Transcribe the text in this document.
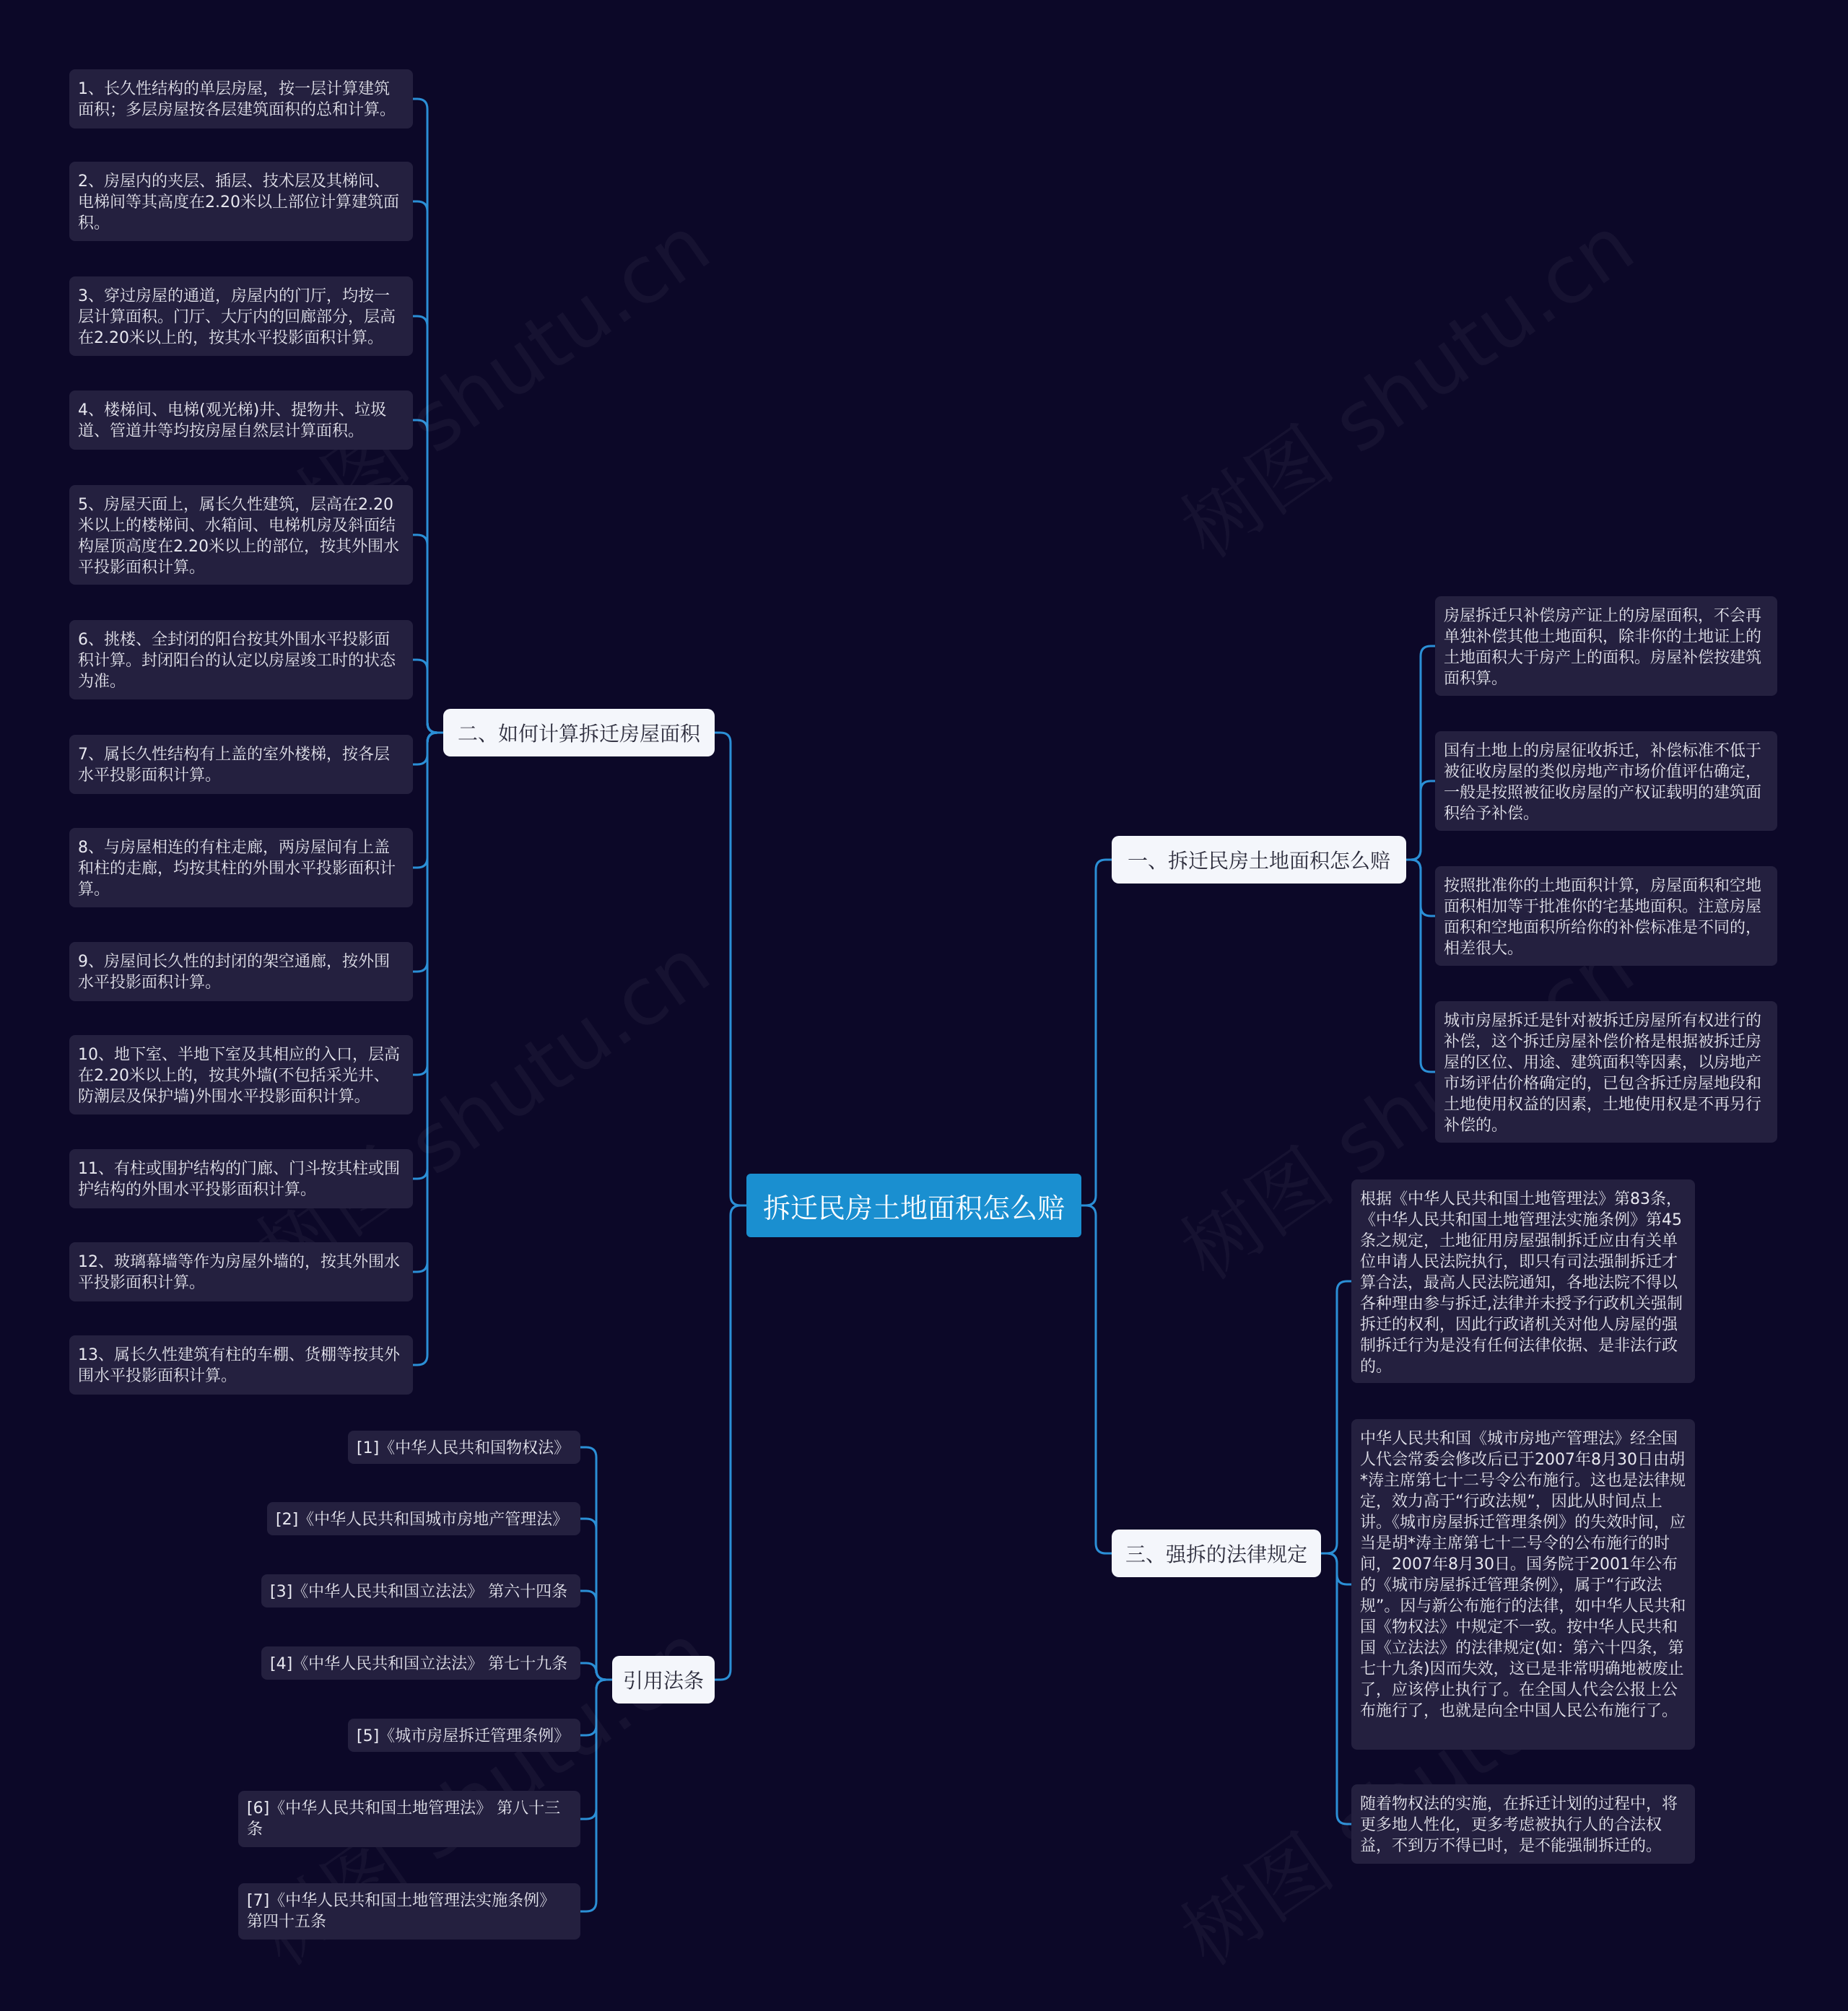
拆迁民房土地面积怎么赔
一、拆迁民房土地面积怎么赔
二、如何计算拆迁房屋面积
三、强拆的法律规定
引用法条
房屋拆迁只补偿房产证上的房屋面积，不会再单独补偿其他土地面积，除非你的土地证上的土地面积大于房产上的面积。房屋补偿按建筑面积算。
国有土地上的房屋征收拆迁，补偿标准不低于被征收房屋的类似房地产市场价值评估确定，一般是按照被征收房屋的产权证载明的建筑面积给予补偿。
按照批准你的土地面积计算，房屋面积和空地面积相加等于批准你的宅基地面积。注意房屋面积和空地面积所给你的补偿标准是不同的，相差很大。
城市房屋拆迁是针对被拆迁房屋所有权进行的补偿，这个拆迁房屋补偿价格是根据被拆迁房屋的区位、用途、建筑面积等因素，以房地产市场评估价格确定的，已包含拆迁房屋地段和土地使用权益的因素，土地使用权是不再另行补偿的。
1、长久性结构的单层房屋，按一层计算建筑面积；多层房屋按各层建筑面积的总和计算。
2、房屋内的夹层、插层、技术层及其梯间、电梯间等其高度在2.20米以上部位计算建筑面积。
3、穿过房屋的通道，房屋内的门厅，均按一层计算面积。门厅、大厅内的回廊部分，层高在2.20米以上的，按其水平投影面积计算。
4、楼梯间、电梯(观光梯)井、提物井、垃圾道、管道井等均按房屋自然层计算面积。
5、房屋天面上，属长久性建筑，层高在2.20米以上的楼梯间、水箱间、电梯机房及斜面结构屋顶高度在2.20米以上的部位，按其外围水平投影面积计算。
6、挑楼、全封闭的阳台按其外围水平投影面积计算。封闭阳台的认定以房屋竣工时的状态为准。
7、属长久性结构有上盖的室外楼梯，按各层水平投影面积计算。
8、与房屋相连的有柱走廊，两房屋间有上盖和柱的走廊，均按其柱的外围水平投影面积计算。
9、房屋间长久性的封闭的架空通廊，按外围水平投影面积计算。
10、地下室、半地下室及其相应的入口，层高在2.20米以上的，按其外墙(不包括采光井、防潮层及保护墙)外围水平投影面积计算。
11、有柱或围护结构的门廊、门斗按其柱或围护结构的外围水平投影面积计算。
12、玻璃幕墙等作为房屋外墙的，按其外围水平投影面积计算。
13、属长久性建筑有柱的车棚、货棚等按其外围水平投影面积计算。
根据《中华人民共和国土地管理法》第83条，《中华人民共和国土地管理法实施条例》第45条之规定，土地征用房屋强制拆迁应由有关单位申请人民法院执行，即只有司法强制拆迁才算合法，最高人民法院通知，各地法院不得以各种理由参与拆迁,法律并未授予行政机关强制拆迁的权利，因此行政诸机关对他人房屋的强制拆迁行为是没有任何法律依据、是非法行政的。
中华人民共和国《城市房地产管理法》经全国人代会常委会修改后已于2007年8月30日由胡*涛主席第七十二号令公布施行。这也是法律规定，效力高于“行政法规”，因此从时间点上讲。《城市房屋拆迁管理条例》的失效时间，应当是胡*涛主席第七十二号令的公布施行的时间，2007年8月30日。国务院于2001年公布的《城市房屋拆迁管理条例》，属于“行政法规”。因与新公布施行的法律，如中华人民共和国《物权法》中规定不一致。按中华人民共和国《立法法》的法律规定(如：第六十四条，第七十九条)因而失效，这已是非常明确地被废止了，应该停止执行了。在全国人代会公报上公布施行了，也就是向全中国人民公布施行了。
随着物权法的实施，在拆迁计划的过程中，将更多地人性化，更多考虑被执行人的合法权益，不到万不得已时，是不能强制拆迁的。
[1]《中华人民共和国物权法》
[2]《中华人民共和国城市房地产管理法》
[3]《中华人民共和国立法法》 第六十四条
[4]《中华人民共和国立法法》 第七十九条
[5]《城市房屋拆迁管理条例》
[6]《中华人民共和国土地管理法》 第八十三条
[7]《中华人民共和国土地管理法实施条例》 第四十五条
